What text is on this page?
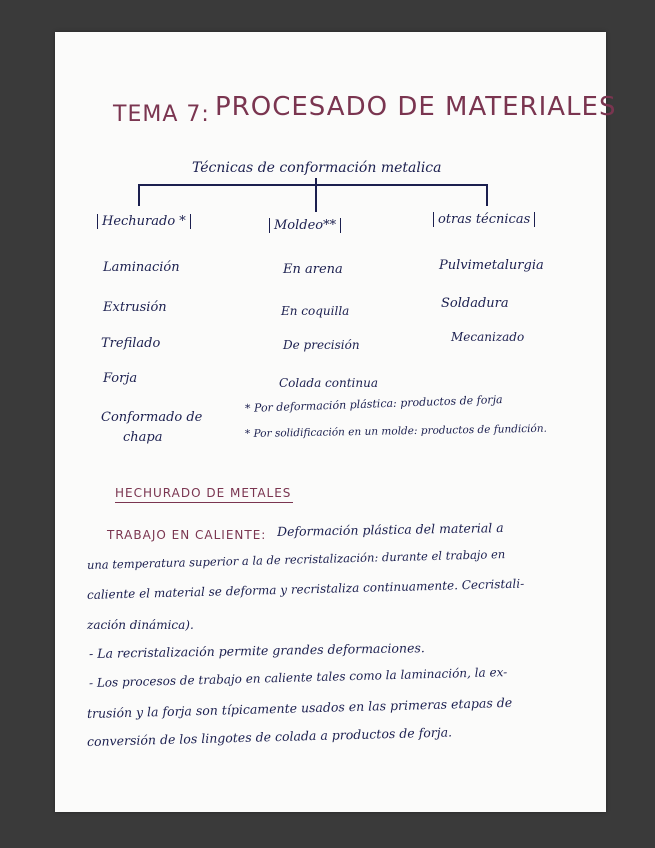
TEMA 7: PROCESADO DE MATERIALES
Técnicas de conformación metalica
Hechurado *	Moldeo**	otras técnicas
Laminación
Extrusión
Trefilado
Forja
Conformado de
chapa
En arena
En coquilla
De precisión
Colada continua
Pulvimetalurgia
Soldadura
Mecanizado
* Por deformación plástica: productos de forja
* Por solidificación en un molde: productos de fundición.
HECHURADO DE METALES
TRABAJO EN CALIENTE: Deformación plástica del material a
una temperatura superior a la de recristalización: durante el trabajo en
caliente el material se deforma y recristaliza continuamente. Cecristali-
zación dinámica).
- La recristalización permite grandes deformaciones.
- Los procesos de trabajo en caliente tales como la laminación, la ex-
trusión y la forja son típicamente usados en las primeras etapas de
conversión de los lingotes de colada a productos de forja.
